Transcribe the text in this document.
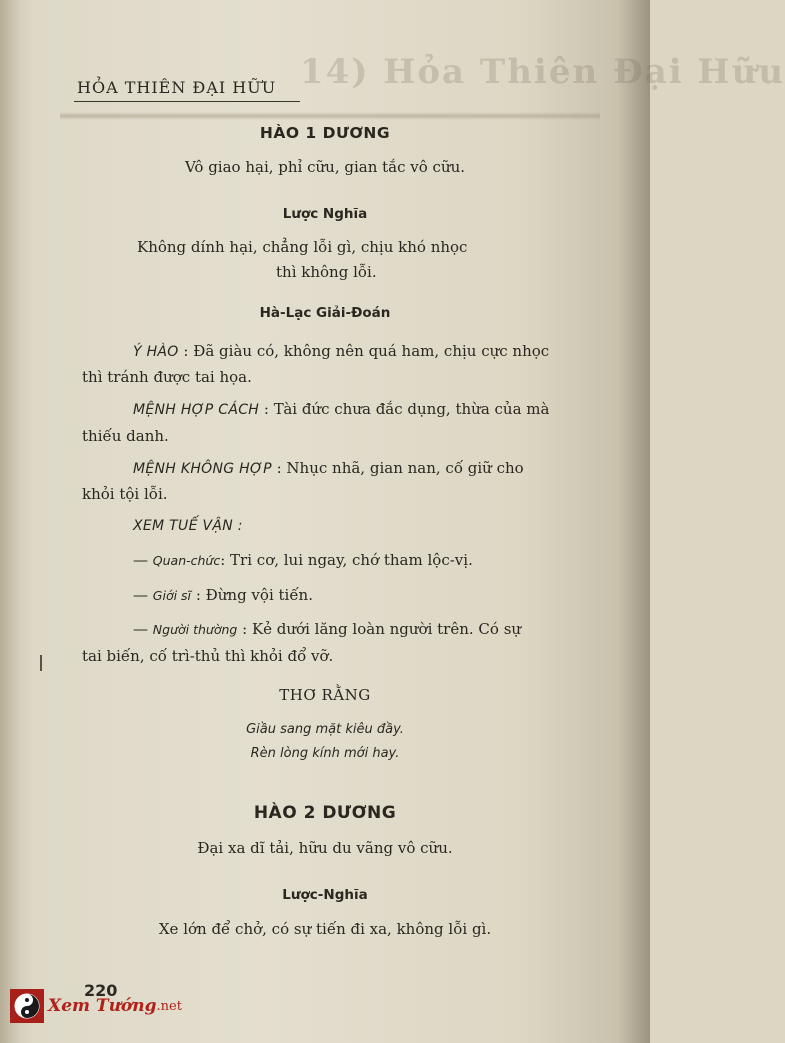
14) Hỏa Thiên Đại Hữu
HỎA THIÊN ĐẠI HỮU
HÀO 1 DƯƠNG
Vô giao hại, phỉ cữu, gian tắc vô cữu.
Lược Nghĩa
Không dính hại, chẳng lỗi gì, chịu khó nhọc
thì không lỗi.
Hà-Lạc Giải-Đoán
Ý HÀO : Đã giàu có, không nên quá ham, chịu cực nhọc
thì tránh được tai họa.
MỆNH HỢP CÁCH : Tài đức chưa đắc dụng, thừa của mà
thiếu danh.
MỆNH KHÔNG HỢP : Nhục nhã, gian nan, cố giữ cho
khỏi tội lỗi.
XEM TUẾ VẬN :
— Quan-chức: Tri cơ, lui ngay, chớ tham lộc-vị.
— Giới sĩ : Đừng vội tiến.
— Người thường : Kẻ dưới lăng loàn người trên. Có sự
tai biến, cố trì-thủ thì khỏi đổ vỡ.
THƠ RẰNG
Giầu sang mặt kiêu đầy.
Rèn lòng kính mới hay.
HÀO 2 DƯƠNG
Đại xa dĩ tải, hữu du vãng vô cữu.
Lược-Nghĩa
Xe lớn để chở, có sự tiến đi xa, không lỗi gì.
220
Xem Tướng .net
